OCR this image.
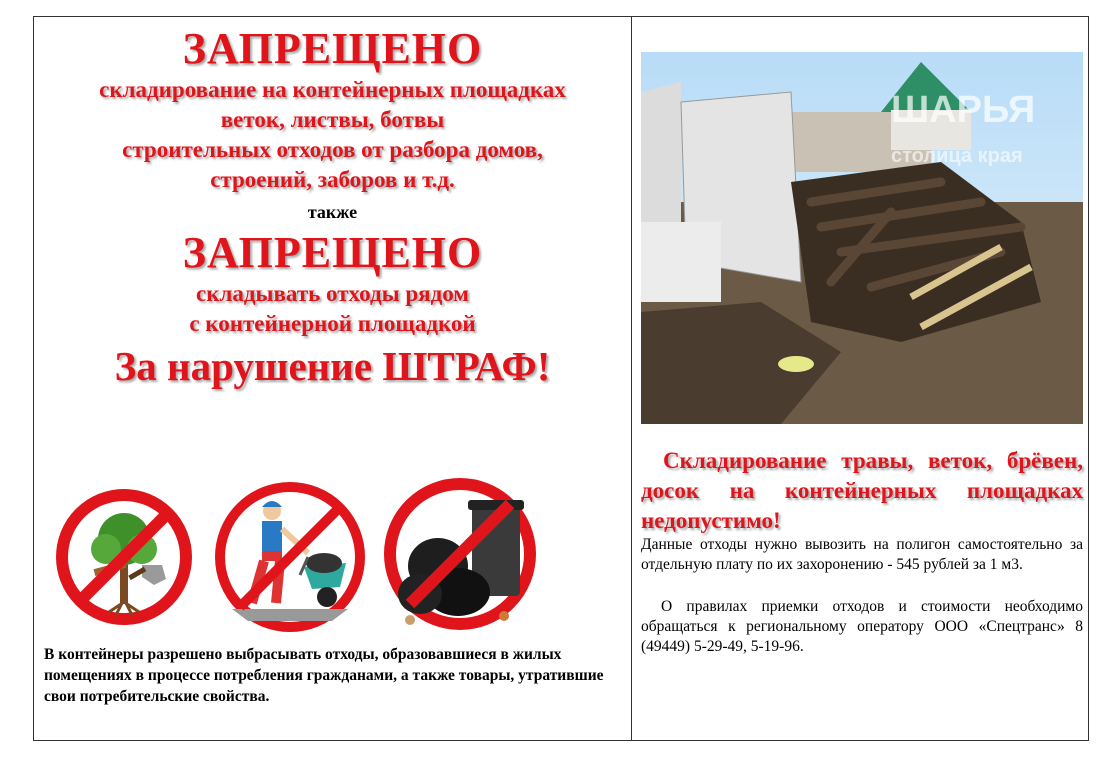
ЗАПРЕЩЕНО
складирование на контейнерных площадках
веток, листвы, ботвы
строительных отходов от разбора домов,
строений, заборов и т.д.
также
ЗАПРЕЩЕНО
складывать отходы рядом
с контейнерной площадкой
За нарушение ШТРАФ!
В контейнеры разрешено выбрасывать отходы, образовавшиеся в жилых помещениях в процессе потребления гражданами, а также товары, утратившие свои потребительские свойства.
ШАРЬЯ
столица края
Складирование травы, веток, брёвен, досок на контейнерных площадках недопустимо!

Данные отходы нужно вывозить на полигон самостоятельно за отдельную плату по их захоронению - 545 рублей за 1 м3.

О правилах приемки отходов и стоимости необходимо обращаться к региональному оператору ООО «Спецтранс» 8 (49449) 5-29-49, 5-19-96.
